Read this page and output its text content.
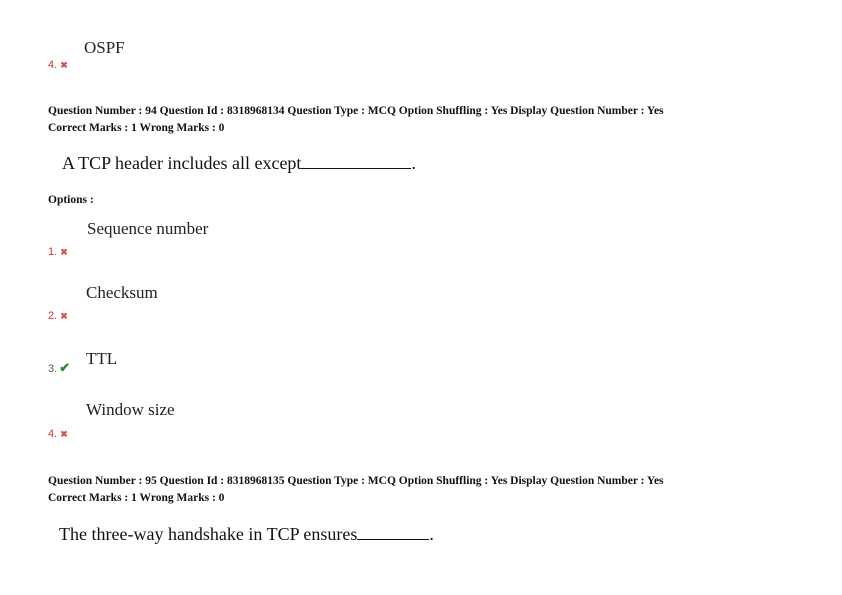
OSPF
4. ✖
Question Number : 94 Question Id : 8318968134 Question Type : MCQ Option Shuffling : Yes Display Question Number : Yes
Correct Marks : 1 Wrong Marks : 0
A TCP header includes all except	.
Options :
Sequence number
1. ✖
Checksum
2. ✖
TTL
3. ✔
Window size
4. ✖
Question Number : 95 Question Id : 8318968135 Question Type : MCQ Option Shuffling : Yes Display Question Number : Yes
Correct Marks : 1 Wrong Marks : 0
The three-way handshake in TCP ensures	.
